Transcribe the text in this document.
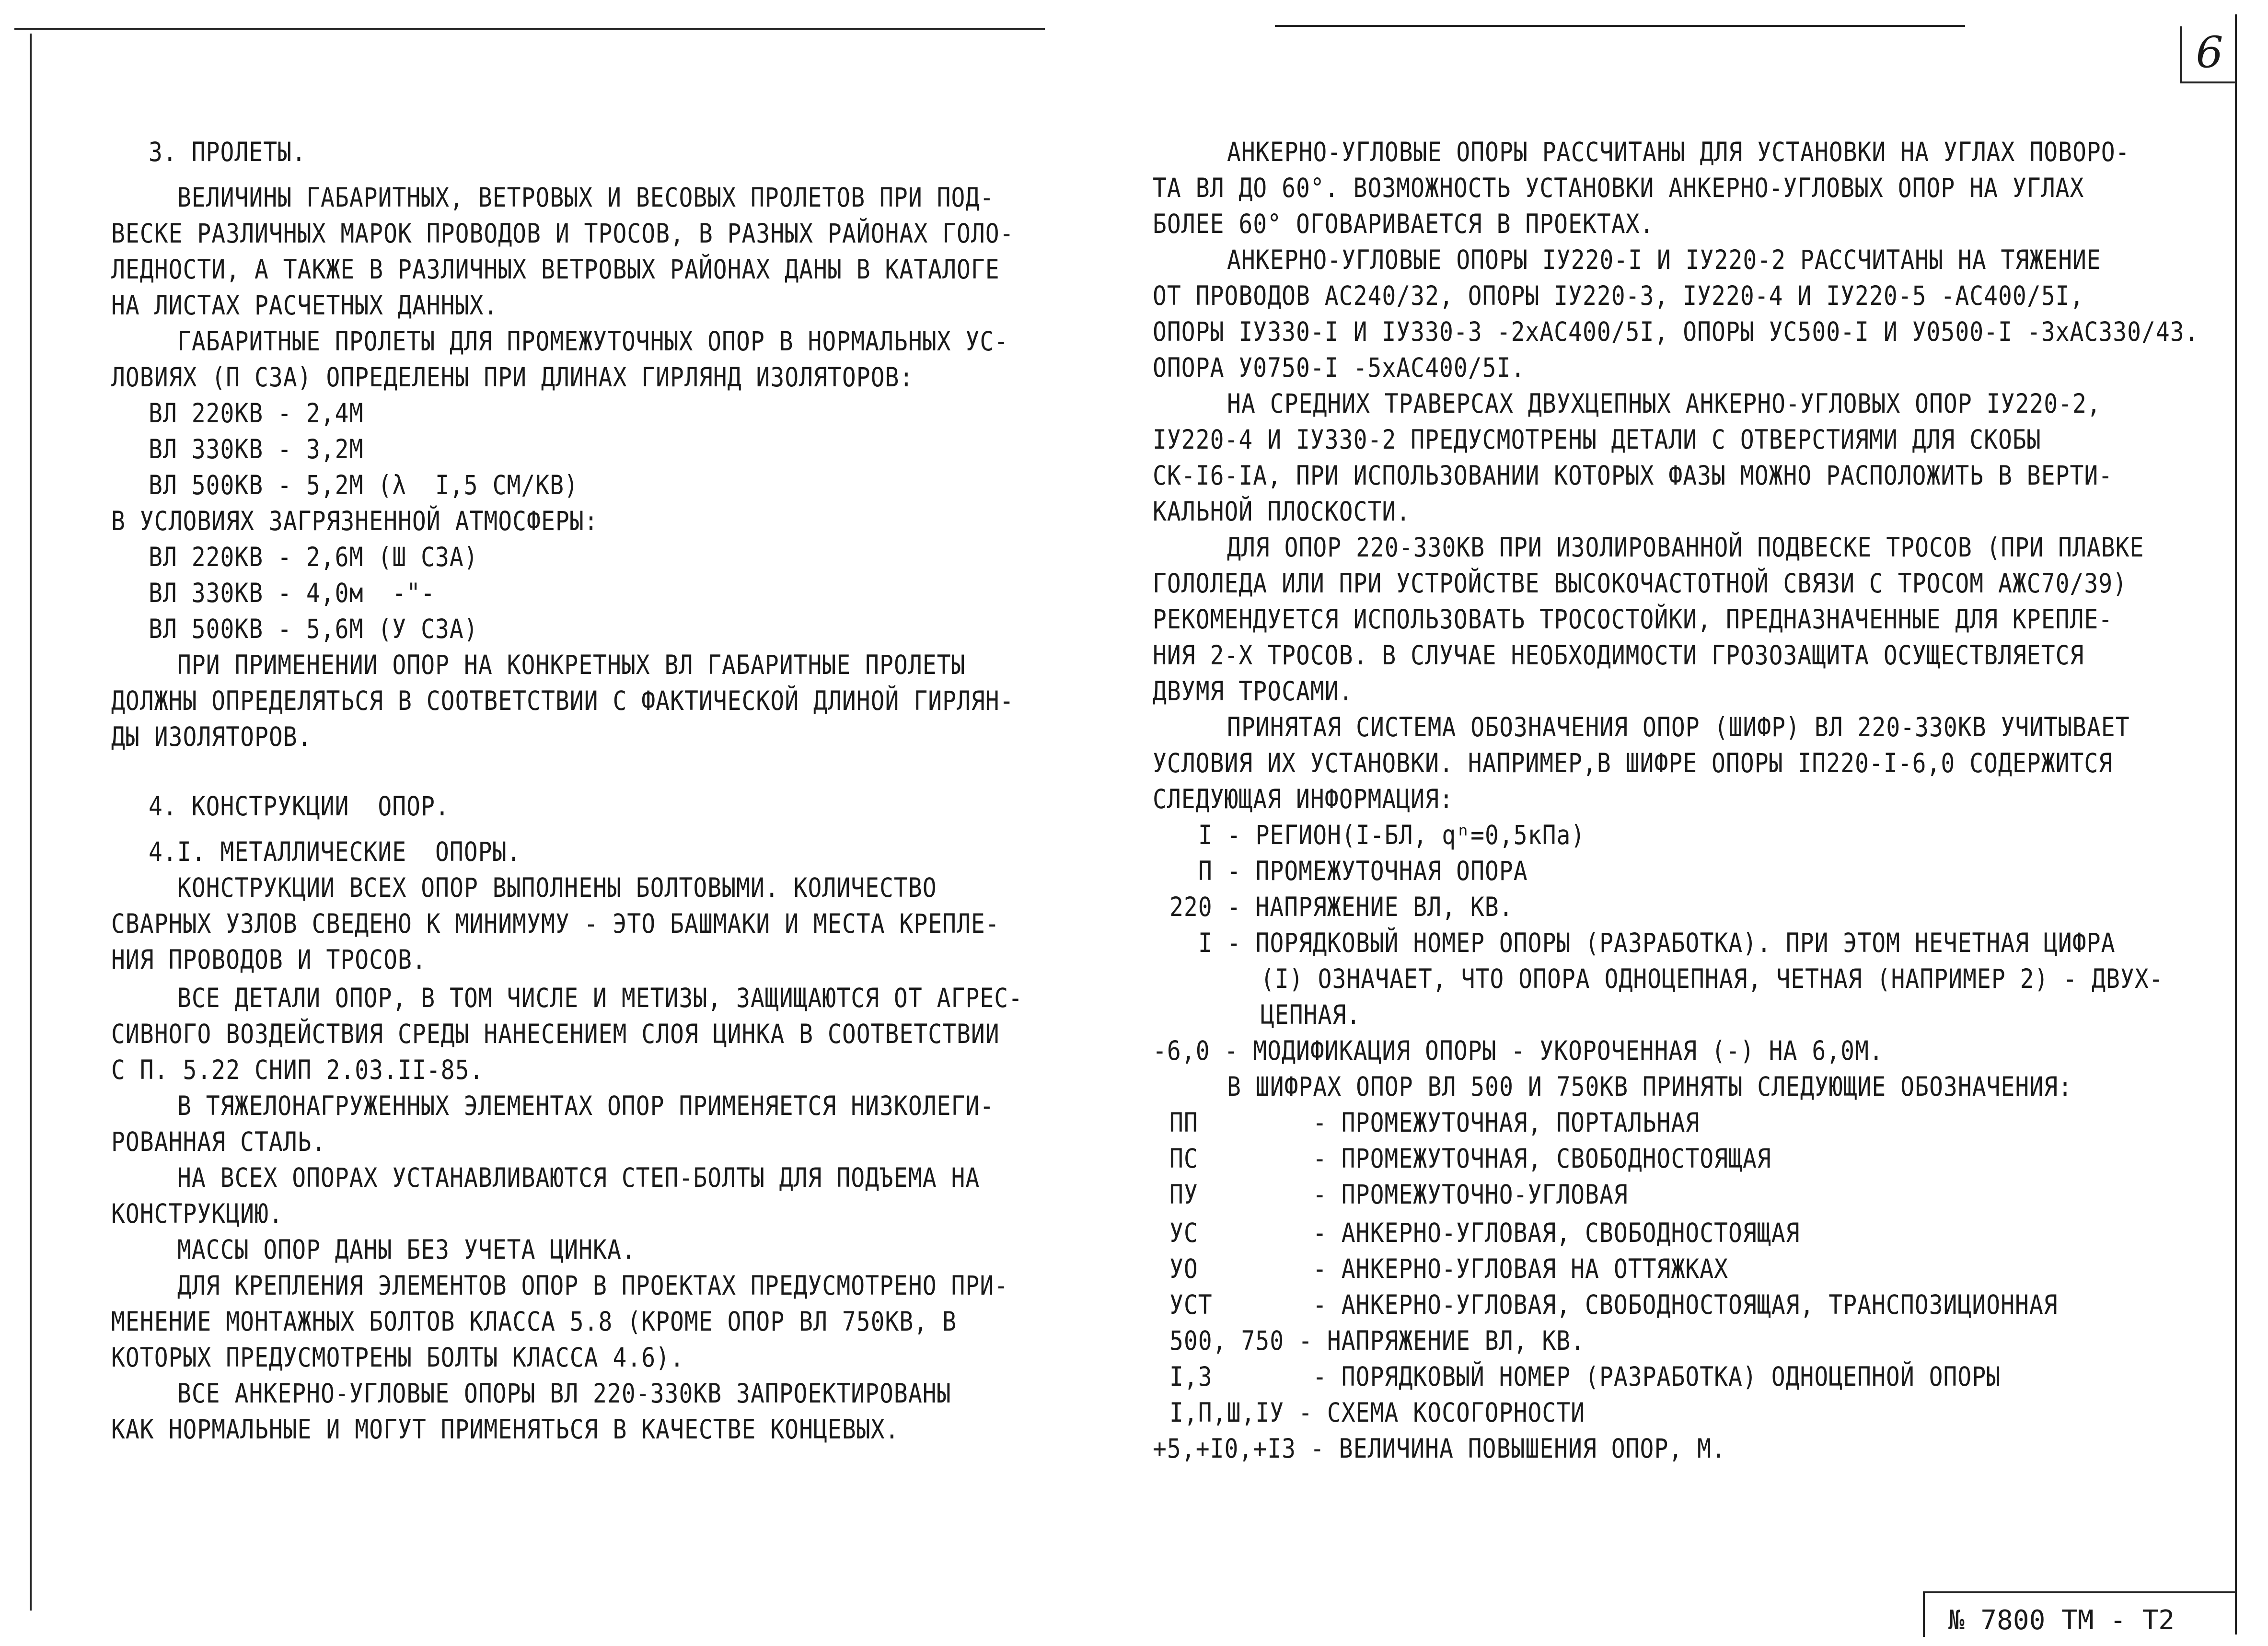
6
№ 7800 ТМ - Т2
3. ПРОЛЕТЫ.
ВЕЛИЧИНЫ ГАБАРИТНЫХ, ВЕТРОВЫХ И ВЕСОВЫХ ПРОЛЕТОВ ПРИ ПОД-
ВЕСКЕ РАЗЛИЧНЫХ МАРОК ПРОВОДОВ И ТРОСОВ, В РАЗНЫХ РАЙОНАХ ГОЛО-
ЛЕДНОСТИ, А ТАКЖЕ В РАЗЛИЧНЫХ ВЕТРОВЫХ РАЙОНАХ ДАНЫ В КАТАЛОГЕ
НА ЛИСТАХ РАСЧЕТНЫХ ДАННЫХ.
ГАБАРИТНЫЕ ПРОЛЕТЫ ДЛЯ ПРОМЕЖУТОЧНЫХ ОПОР В НОРМАЛЬНЫХ УС-
ЛОВИЯХ (П СЗА) ОПРЕДЕЛЕНЫ ПРИ ДЛИНАХ ГИРЛЯНД ИЗОЛЯТОРОВ:
ВЛ 220КВ - 2,4М
ВЛ 330КВ - 3,2М
ВЛ 500КВ - 5,2М (λ  I,5 СМ/КВ)
В УСЛОВИЯХ ЗАГРЯЗНЕННОЙ АТМОСФЕРЫ:
ВЛ 220КВ - 2,6М (Ш СЗА)
ВЛ 330КВ - 4,0м  -"-
ВЛ 500КВ - 5,6М (У СЗА)
ПРИ ПРИМЕНЕНИИ ОПОР НА КОНКРЕТНЫХ ВЛ ГАБАРИТНЫЕ ПРОЛЕТЫ
ДОЛЖНЫ ОПРЕДЕЛЯТЬСЯ В СООТВЕТСТВИИ С ФАКТИЧЕСКОЙ ДЛИНОЙ ГИРЛЯН-
ДЫ ИЗОЛЯТОРОВ.
4. КОНСТРУКЦИИ  ОПОР.
4.I. МЕТАЛЛИЧЕСКИЕ  ОПОРЫ.
КОНСТРУКЦИИ ВСЕХ ОПОР ВЫПОЛНЕНЫ БОЛТОВЫМИ. КОЛИЧЕСТВО
СВАРНЫХ УЗЛОВ СВЕДЕНО К МИНИМУМУ - ЭТО БАШМАКИ И МЕСТА КРЕПЛЕ-
НИЯ ПРОВОДОВ И ТРОСОВ.
ВСЕ ДЕТАЛИ ОПОР, В ТОМ ЧИСЛЕ И МЕТИЗЫ, ЗАЩИЩАЮТСЯ ОТ АГРЕС-
СИВНОГО ВОЗДЕЙСТВИЯ СРЕДЫ НАНЕСЕНИЕМ СЛОЯ ЦИНКА В СООТВЕТСТВИИ
С П. 5.22 СНИП 2.03.II-85.
В ТЯЖЕЛОНАГРУЖЕННЫХ ЭЛЕМЕНТАХ ОПОР ПРИМЕНЯЕТСЯ НИЗКОЛЕГИ-
РОВАННАЯ СТАЛЬ.
НА ВСЕХ ОПОРАХ УСТАНАВЛИВАЮТСЯ СТЕП-БОЛТЫ ДЛЯ ПОДЪЕМА НА
КОНСТРУКЦИЮ.
МАССЫ ОПОР ДАНЫ БЕЗ УЧЕТА ЦИНКА.
ДЛЯ КРЕПЛЕНИЯ ЭЛЕМЕНТОВ ОПОР В ПРОЕКТАХ ПРЕДУСМОТРЕНО ПРИ-
МЕНЕНИЕ МОНТАЖНЫХ БОЛТОВ КЛАССА 5.8 (КРОМЕ ОПОР ВЛ 750КВ, В
КОТОРЫХ ПРЕДУСМОТРЕНЫ БОЛТЫ КЛАССА 4.6).
ВСЕ АНКЕРНО-УГЛОВЫЕ ОПОРЫ ВЛ 220-330КВ ЗАПРОЕКТИРОВАНЫ
КАК НОРМАЛЬНЫЕ И МОГУТ ПРИМЕНЯТЬСЯ В КАЧЕСТВЕ КОНЦЕВЫХ.
АНКЕРНО-УГЛОВЫЕ ОПОРЫ РАССЧИТАНЫ ДЛЯ УСТАНОВКИ НА УГЛАХ ПОВОРО-
ТА ВЛ ДО 60°. ВОЗМОЖНОСТЬ УСТАНОВКИ АНКЕРНО-УГЛОВЫХ ОПОР НА УГЛАХ
БОЛЕЕ 60° ОГОВАРИВАЕТСЯ В ПРОЕКТАХ.
АНКЕРНО-УГЛОВЫЕ ОПОРЫ IУ220-I И IУ220-2 РАССЧИТАНЫ НА ТЯЖЕНИЕ
ОТ ПРОВОДОВ АС240/32, ОПОРЫ IУ220-3, IУ220-4 И IУ220-5 -АС400/5I,
ОПОРЫ IУ330-I И IУ330-3 -2хАС400/5I, ОПОРЫ УС500-I И У0500-I -3хАС330/43.
ОПОРА У0750-I -5хАС400/5I.
НА СРЕДНИХ ТРАВЕРСАХ ДВУХЦЕПНЫХ АНКЕРНО-УГЛОВЫХ ОПОР IУ220-2,
IУ220-4 И IУ330-2 ПРЕДУСМОТРЕНЫ ДЕТАЛИ С ОТВЕРСТИЯМИ ДЛЯ СКОБЫ
СК-I6-IА, ПРИ ИСПОЛЬЗОВАНИИ КОТОРЫХ ФАЗЫ МОЖНО РАСПОЛОЖИТЬ В ВЕРТИ-
КАЛЬНОЙ ПЛОСКОСТИ.
ДЛЯ ОПОР 220-330КВ ПРИ ИЗОЛИРОВАННОЙ ПОДВЕСКЕ ТРОСОВ (ПРИ ПЛАВКЕ
ГОЛОЛЕДА ИЛИ ПРИ УСТРОЙСТВЕ ВЫСОКОЧАСТОТНОЙ СВЯЗИ С ТРОСОМ АЖС70/39)
РЕКОМЕНДУЕТСЯ ИСПОЛЬЗОВАТЬ ТРОСОСТОЙКИ, ПРЕДНАЗНАЧЕННЫЕ ДЛЯ КРЕПЛЕ-
НИЯ 2-Х ТРОСОВ. В СЛУЧАЕ НЕОБХОДИМОСТИ ГРОЗОЗАЩИТА ОСУЩЕСТВЛЯЕТСЯ
ДВУМЯ ТРОСАМИ.
ПРИНЯТАЯ СИСТЕМА ОБОЗНАЧЕНИЯ ОПОР (ШИФР) ВЛ 220-330КВ УЧИТЫВАЕТ
УСЛОВИЯ ИХ УСТАНОВКИ. НАПРИМЕР,В ШИФРЕ ОПОРЫ IП220-I-6,0 СОДЕРЖИТСЯ
СЛЕДУЮЩАЯ ИНФОРМАЦИЯ:
I - РЕГИОН(I-БЛ, qⁿ=0,5кПа)
П - ПРОМЕЖУТОЧНАЯ ОПОРА
220 - НАПРЯЖЕНИЕ ВЛ, КВ.
I - ПОРЯДКОВЫЙ НОМЕР ОПОРЫ (РАЗРАБОТКА). ПРИ ЭТОМ НЕЧЕТНАЯ ЦИФРА
(I) ОЗНАЧАЕТ, ЧТО ОПОРА ОДНОЦЕПНАЯ, ЧЕТНАЯ (НАПРИМЕР 2) - ДВУХ-
ЦЕПНАЯ.
-6,0 - МОДИФИКАЦИЯ ОПОРЫ - УКОРОЧЕННАЯ (-) НА 6,0М.
В ШИФРАХ ОПОР ВЛ 500 И 750КВ ПРИНЯТЫ СЛЕДУЮЩИЕ ОБОЗНАЧЕНИЯ:
ПП        - ПРОМЕЖУТОЧНАЯ, ПОРТАЛЬНАЯ
ПС        - ПРОМЕЖУТОЧНАЯ, СВОБОДНОСТОЯЩАЯ
ПУ        - ПРОМЕЖУТОЧНО-УГЛОВАЯ
УС        - АНКЕРНО-УГЛОВАЯ, СВОБОДНОСТОЯЩАЯ
УО        - АНКЕРНО-УГЛОВАЯ НА ОТТЯЖКАХ
УСТ       - АНКЕРНО-УГЛОВАЯ, СВОБОДНОСТОЯЩАЯ, ТРАНСПОЗИЦИОННАЯ
500, 750 - НАПРЯЖЕНИЕ ВЛ, КВ.
I,3       - ПОРЯДКОВЫЙ НОМЕР (РАЗРАБОТКА) ОДНОЦЕПНОЙ ОПОРЫ
I,П,Ш,IУ - СХЕМА КОСОГОРНОСТИ
+5,+I0,+I3 - ВЕЛИЧИНА ПОВЫШЕНИЯ ОПОР, М.
